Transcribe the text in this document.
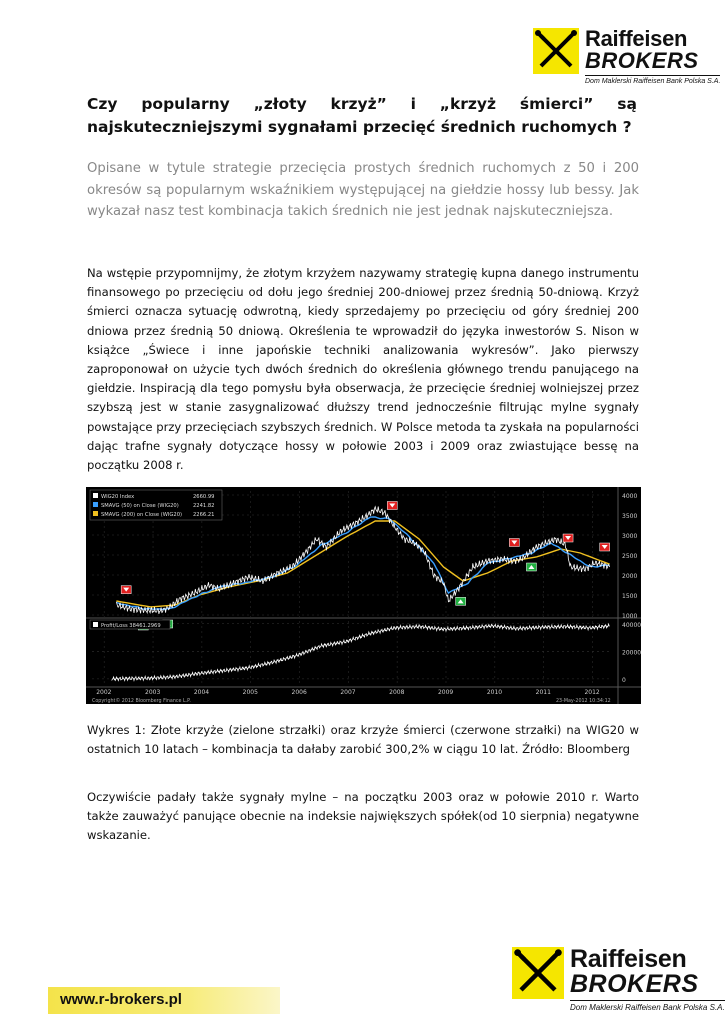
Raiffeisen
BROKERS
Dom Maklerski Raiffeisen Bank Polska S.A.
Czy popularny „złoty krzyż” i „krzyż śmierci” są
najskuteczniejszymi sygnałami przecięć średnich ruchomych ?
Opisane w tytule strategie przecięcia prostych średnich ruchomych z 50 i 200 okresów są popularnym wskaźnikiem występującej na giełdzie hossy lub bessy. Jak wykazał nasz test kombinacja takich średnich nie jest jednak najskuteczniejsza.
Na wstępie przypomnijmy, że złotym krzyżem nazywamy strategię kupna danego instrumentu finansowego po przecięciu od dołu jego średniej 200-dniowej przez średnią 50-dniową. Krzyż śmierci oznacza sytuację odwrotną, kiedy sprzedajemy po przecięciu od góry średniej 200 dniowa przez średnią 50 dniową. Określenia te wprowadził do języka inwestorów S. Nison w książce „Świece i inne japońskie techniki analizowania wykresów”. Jako pierwszy zaproponował on użycie tych dwóch średnich do określenia głównego trendu panującego na giełdzie. Inspiracją dla tego pomysłu była obserwacja, że przecięcie średniej wolniejszej przez szybszą jest w stanie zasygnalizować dłuższy trend jednocześnie filtrując mylne sygnały powstające przy przecięciach szybszych średnich. W Polsce metoda ta zyskała na popularności dając trafne sygnały dotyczące hossy w połowie 2003 i 2009 oraz zwiastujące bessę na początku 2008 r.
WIG20 Index	2660.99
SMAVG (50) on Close (WIG20)	2241.82
SMAVG (200) on Close (WIG20) 2266.21
Profit/Loss 38461.2969
4000
3500
3000
2500
2000
1500
1000
40000
20000
0
2002	2003	2004	2005	2006	2007	2008	2009	2010	2011	2012
Copyright© 2012 Bloomberg Finance L.P.	23-May-2012 10:34:12
Wykres 1: Złote krzyże (zielone strzałki) oraz krzyże śmierci (czerwone strzałki) na WIG20 w ostatnich 10 latach – kombinacja ta dałaby zarobić 300,2% w ciągu 10 lat. Źródło: Bloomberg
Oczywiście padały także sygnały mylne – na początku 2003 oraz w połowie 2010 r. Warto także zauważyć panujące obecnie na indeksie największych spółek(od 10 sierpnia) negatywne wskazanie.
www.r-brokers.pl
Raiffeisen
BROKERS
Dom Maklerski Raiffeisen Bank Polska S.A.
